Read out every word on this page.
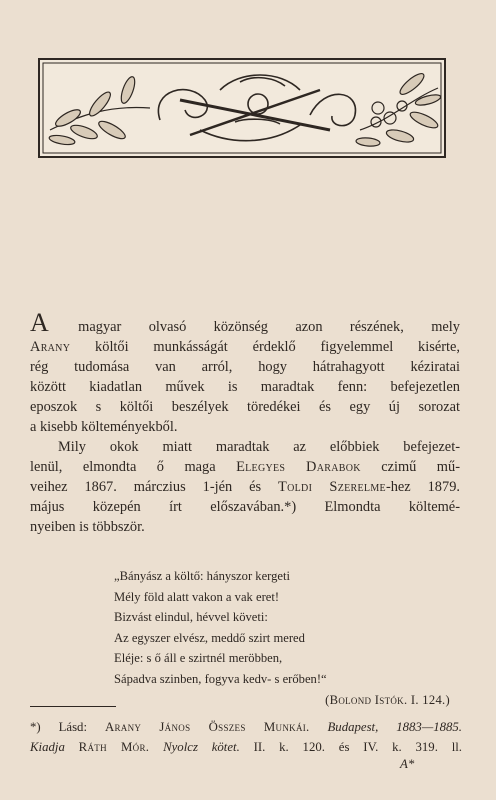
A magyar olvasó közönség azon részének, mely
Arany költői munkásságát érdeklő figyelemmel kisérte,
rég tudomása van arról, hogy hátrahagyott kéziratai
között kiadatlan művek is maradtak fenn: befejezetlen
eposzok s költői beszélyek töredékei és egy új sorozat
a kisebb költeményekből.
Mily okok miatt maradtak az előbbiek befejezet-
lenül, elmondta ő maga Elegyes Darabok czimű mű-
veihez 1867. márczius 1-jén és Toldi Szerelme-hez 1879.
május közepén írt előszavában.*) Elmondta költemé-
nyeiben is többször.
„Bányász a költő: hányszor kergeti
Mély föld alatt vakon a vak eret!
Bizvást elindul, hévvel követi:
Az egyszer elvész, meddő szirt mered
Eléje: s ő áll e szirtnél meröbben,
Sápadva szinben, fogyva kedv- s erőben!“
(Bolond Istók. I. 124.)
*) Lásd: Arany János Összes Munkái. Budapest, 1883—1885.
Kiadja Ráth Mór. Nyolcz kötet. II. k. 120. és IV. k. 319. ll.
A*
